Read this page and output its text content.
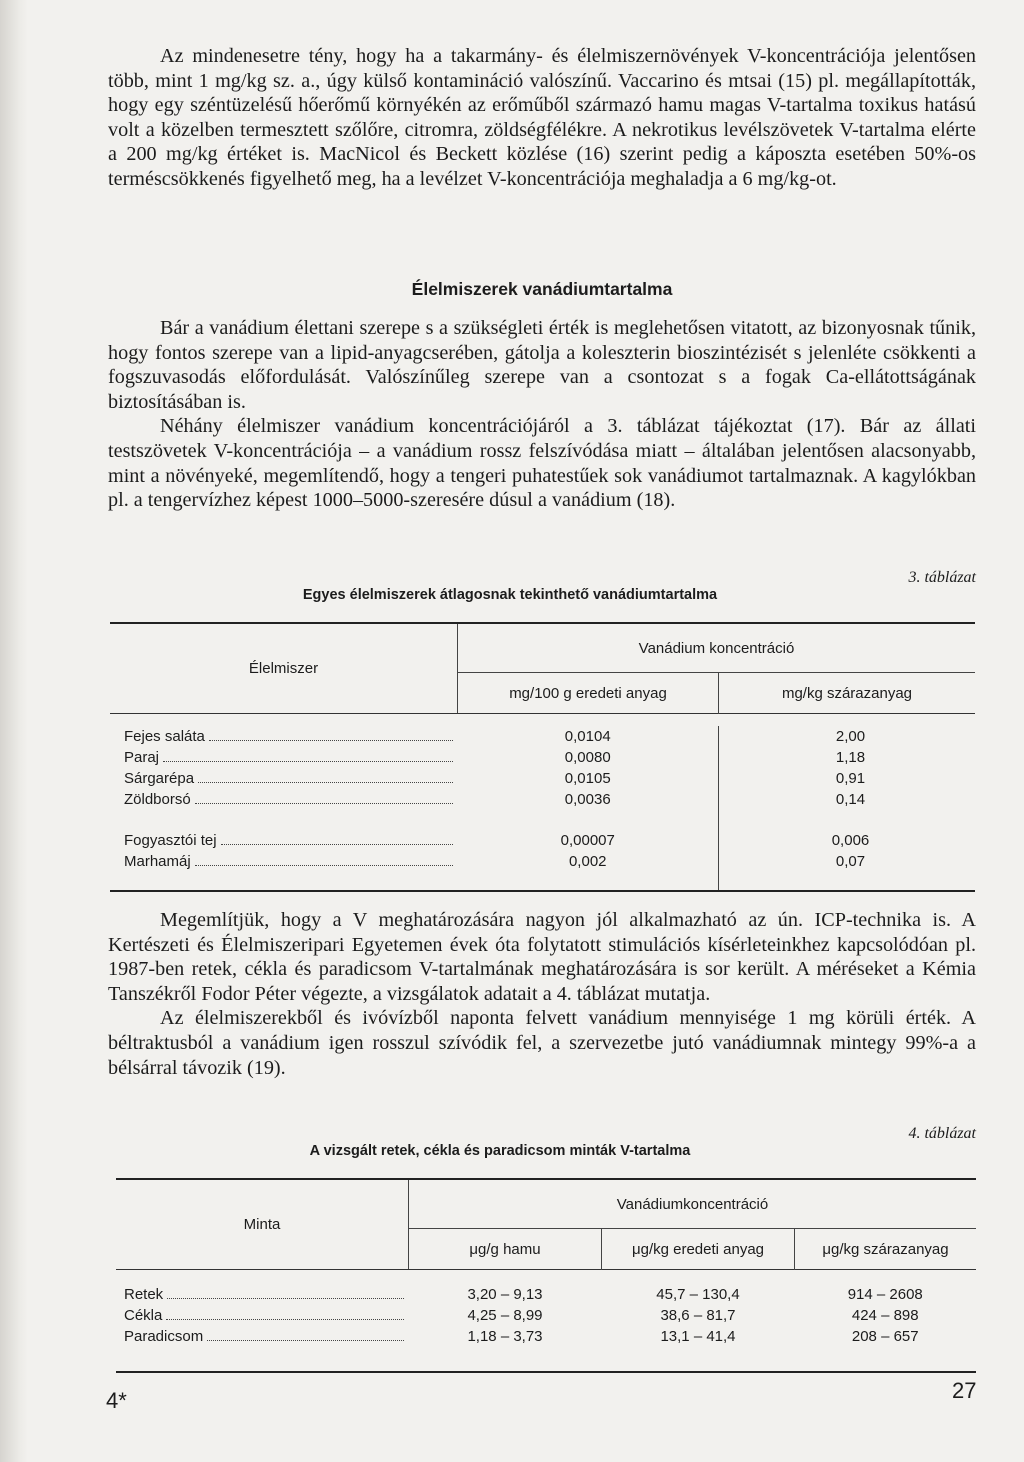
Az mindenesetre tény, hogy ha a takarmány- és élelmiszernövények V-koncentrációja jelentősen több, mint 1 mg/kg sz. a., úgy külső kontamináció valószínű. Vaccarino és mtsai (15) pl. megállapították, hogy egy széntüzelésű hőerőmű környékén az erőműből származó hamu magas V-tartalma toxikus hatású volt a közelben termesztett szőlőre, citromra, zöldségfélékre. A nekrotikus levélszövetek V-tartalma elérte a 200 mg/kg értéket is. MacNicol és Beckett közlése (16) szerint pedig a káposzta esetében 50%-os terméscsökkenés figyelhető meg, ha a levélzet V-koncentrációja meghaladja a 6 mg/kg-ot.

Élelmiszerek vanádiumtartalma

Bár a vanádium élettani szerepe s a szükségleti érték is meglehetősen vitatott, az bizonyosnak tűnik, hogy fontos szerepe van a lipid-anyagcserében, gátolja a koleszterin bioszintézisét s jelenléte csökkenti a fogszuvasodás előfordulását. Valószínűleg szerepe van a csontozat s a fogak Ca-ellátottságának biztosításában is.

Néhány élelmiszer vanádium koncentrációjáról a 3. táblázat tájékoztat (17). Bár az állati testszövetek V-koncentrációja – a vanádium rossz felszívódása miatt – általában jelentősen alacsonyabb, mint a növényeké, megemlítendő, hogy a tengeri puhatestűek sok vanádiumot tartalmaznak. A kagylókban pl. a tengervízhez képest 1000–5000-szeresére dúsul a vanádium (18).

3. táblázat

Egyes élelmiszerek átlagosnak tekinthető vanádiumtartalma

Élelmiszer	Vanádium koncentráció	
	mg/100 g eredeti anyag	mg/kg szárazanyag

Fejes saláta	0,0104	2,00

Paraj	0,0080	1,18

Sárgarépa	0,0105	0,91

Zöldborsó	0,0036	0,14

Fogyasztói tej	0,00007	0,006

Marhamáj	0,002	0,07

Megemlítjük, hogy a V meghatározására nagyon jól alkalmazható az ún. ICP-technika is. A Kertészeti és Élelmiszeripari Egyetemen évek óta folytatott stimulációs kísérleteinkhez kapcsolódóan pl. 1987-ben retek, cékla és paradicsom V-tartalmának meghatározására is sor került. A méréseket a Kémia Tanszékről Fodor Péter végezte, a vizsgálatok adatait a 4. táblázat mutatja.

Az élelmiszerekből és ivóvízből naponta felvett vanádium mennyisége 1 mg körüli érték. A béltraktusból a vanádium igen rosszul szívódik fel, a szervezetbe jutó vanádiumnak mintegy 99%-a a bélsárral távozik (19).

4. táblázat

A vizsgált retek, cékla és paradicsom minták V-tartalma

Minta	Vanádiumkoncentráció		
	μg/g hamu	μg/kg eredeti anyag	μg/kg szárazanyag

Retek	3,20 – 9,13	45,7 – 130,4	914 – 2608

Cékla	4,25 – 8,99	38,6 – 81,7	424 – 898

Paradicsom	1,18 – 3,73	13,1 – 41,4	208 – 657

4*	27
